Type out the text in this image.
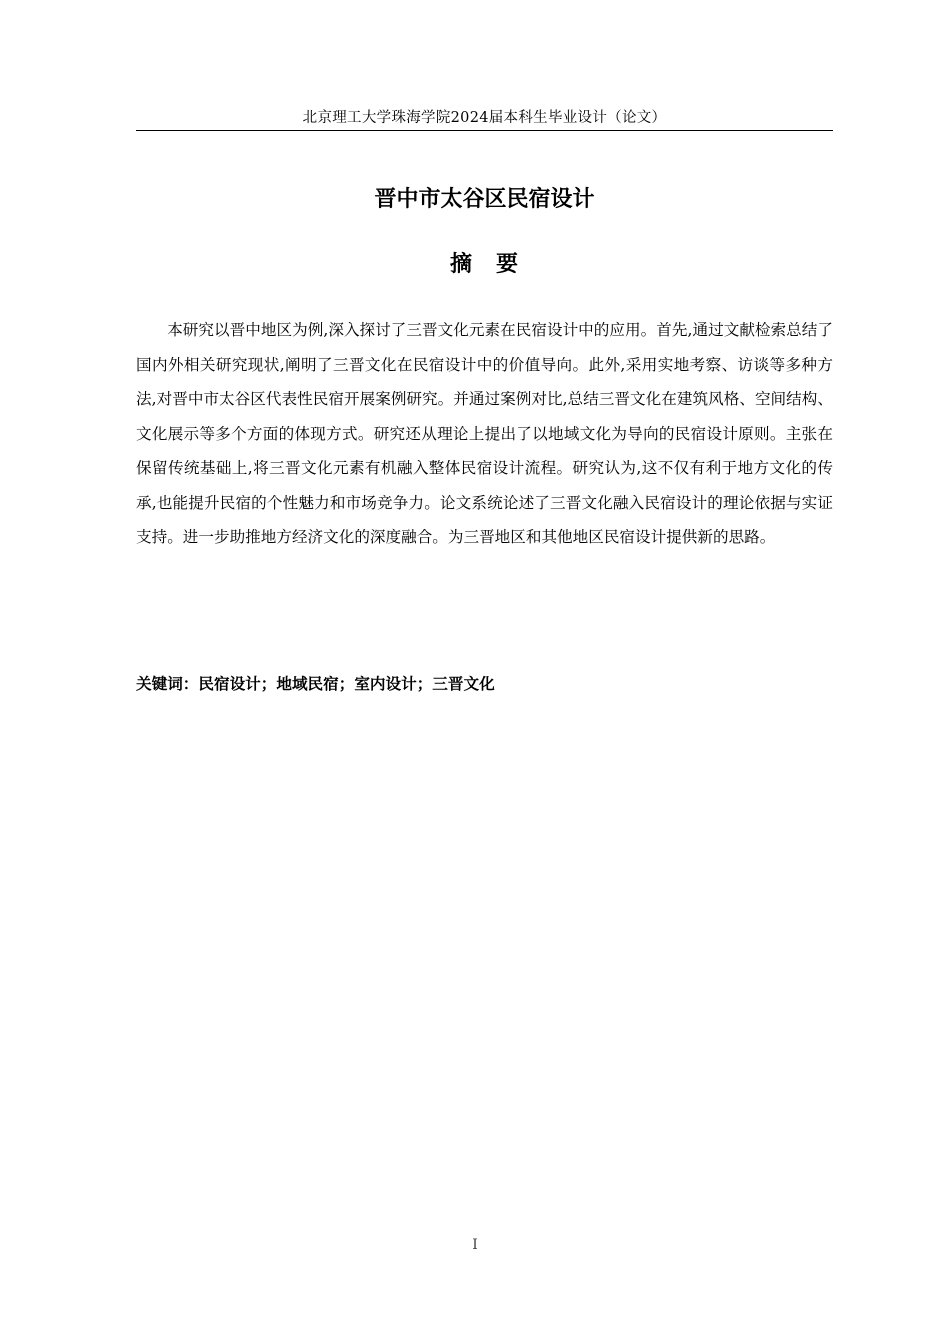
北京理工大学珠海学院2024届本科生毕业设计（论文）
晋中市太谷区民宿设计
摘　要

本研究以晋中地区为例,深入探讨了三晋文化元素在民宿设计中的应用。首先,通过文献检索总结了国内外相关研究现状,阐明了三晋文化在民宿设计中的价值导向。此外,采用实地考察、访谈等多种方法,对晋中市太谷区代表性民宿开展案例研究。并通过案例对比,总结三晋文化在建筑风格、空间结构、文化展示等多个方面的体现方式。研究还从理论上提出了以地域文化为导向的民宿设计原则。主张在保留传统基础上,将三晋文化元素有机融入整体民宿设计流程。研究认为,这不仅有利于地方文化的传承,也能提升民宿的个性魅力和市场竞争力。论文系统论述了三晋文化融入民宿设计的理论依据与实证支持。进一步助推地方经济文化的深度融合。为三晋地区和其他地区民宿设计提供新的思路。

关键词：民宿设计；地域民宿；室内设计；三晋文化

I
